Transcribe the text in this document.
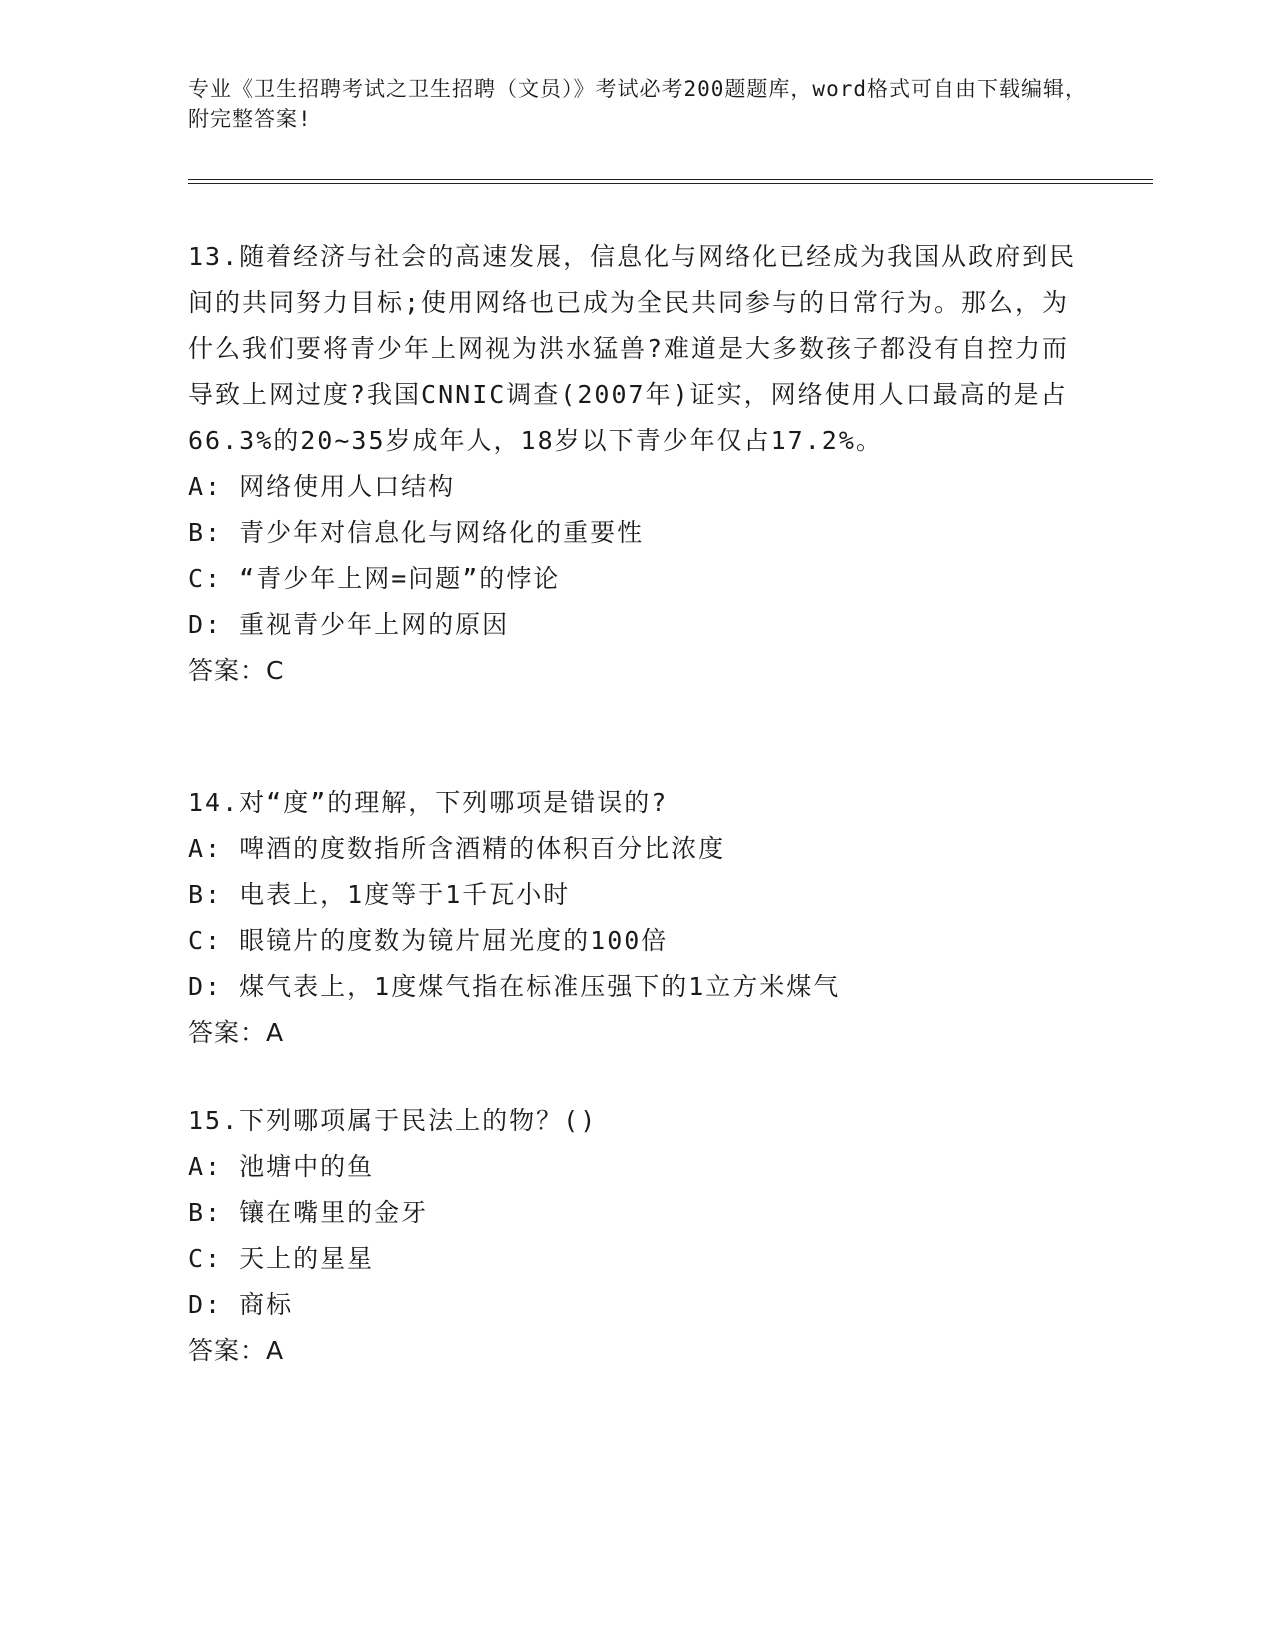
专业《卫生招聘考试之卫生招聘（文员）》考试必考200题题库，word格式可自由下载编辑，附完整答案!

13.随着经济与社会的高速发展，信息化与网络化已经成为我国从政府到民间的共同努力目标;使用网络也已成为全民共同参与的日常行为。那么，为什么我们要将青少年上网视为洪水猛兽?难道是大多数孩子都没有自控力而导致上网过度?我国CNNIC调查(2007年)证实，网络使用人口最高的是占66.3%的20~35岁成年人，18岁以下青少年仅占17.2%。

A: 网络使用人口结构

B: 青少年对信息化与网络化的重要性

C: “青少年上网=问题”的悖论

D: 重视青少年上网的原因

答案：C

14.对“度”的理解，下列哪项是错误的?

A: 啤酒的度数指所含酒精的体积百分比浓度

B: 电表上，1度等于1千瓦小时

C: 眼镜片的度数为镜片屈光度的100倍

D: 煤气表上，1度煤气指在标准压强下的1立方米煤气

答案：A

15.下列哪项属于民法上的物？()

A: 池塘中的鱼

B: 镶在嘴里的金牙

C: 天上的星星

D: 商标

答案：A
